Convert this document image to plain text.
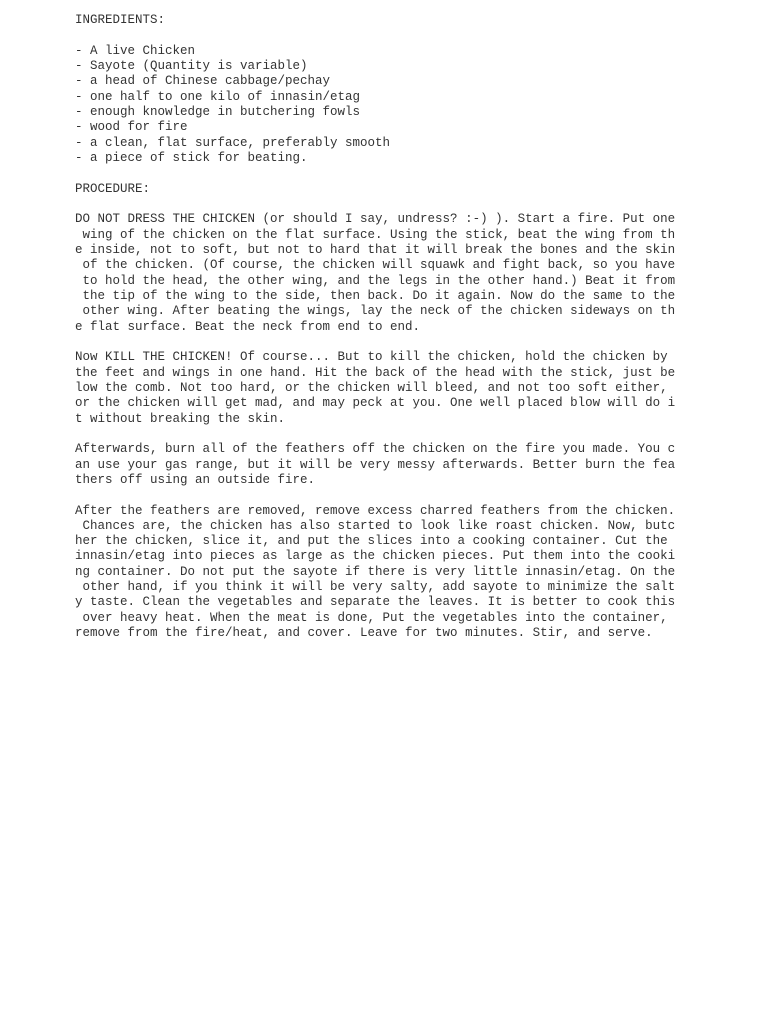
INGREDIENTS:
- A live Chicken
- Sayote (Quantity is variable)
- a head of Chinese cabbage/pechay
- one half to one kilo of innasin/etag
- enough knowledge in butchering fowls
- wood for fire
- a clean, flat surface, preferably smooth
- a piece of stick for beating.
PROCEDURE:
DO NOT DRESS THE CHICKEN (or should I say, undress? :-) ). Start a fire. Put one
wing of the chicken on the flat surface. Using the stick, beat the wing from th
e inside, not to soft, but not to hard that it will break the bones and the skin
of the chicken. (Of course, the chicken will squawk and fight back, so you have
to hold the head, the other wing, and the legs in the other hand.) Beat it from
the tip of the wing to the side, then back. Do it again. Now do the same to the
other wing. After beating the wings, lay the neck of the chicken sideways on th
e flat surface. Beat the neck from end to end.
Now KILL THE CHICKEN! Of course... But to kill the chicken, hold the chicken by
the feet and wings in one hand. Hit the back of the head with the stick, just be
low the comb. Not too hard, or the chicken will bleed, and not too soft either,
or the chicken will get mad, and may peck at you. One well placed blow will do i
t without breaking the skin.
Afterwards, burn all of the feathers off the chicken on the fire you made. You c
an use your gas range, but it will be very messy afterwards. Better burn the fea
thers off using an outside fire.
After the feathers are removed, remove excess charred feathers from the chicken.
Chances are, the chicken has also started to look like roast chicken. Now, butc
her the chicken, slice it, and put the slices into a cooking container. Cut the
innasin/etag into pieces as large as the chicken pieces. Put them into the cooki
ng container. Do not put the sayote if there is very little innasin/etag. On the
other hand, if you think it will be very salty, add sayote to minimize the salt
y taste. Clean the vegetables and separate the leaves. It is better to cook this
over heavy heat. When the meat is done, Put the vegetables into the container,
remove from the fire/heat, and cover. Leave for two minutes. Stir, and serve.
